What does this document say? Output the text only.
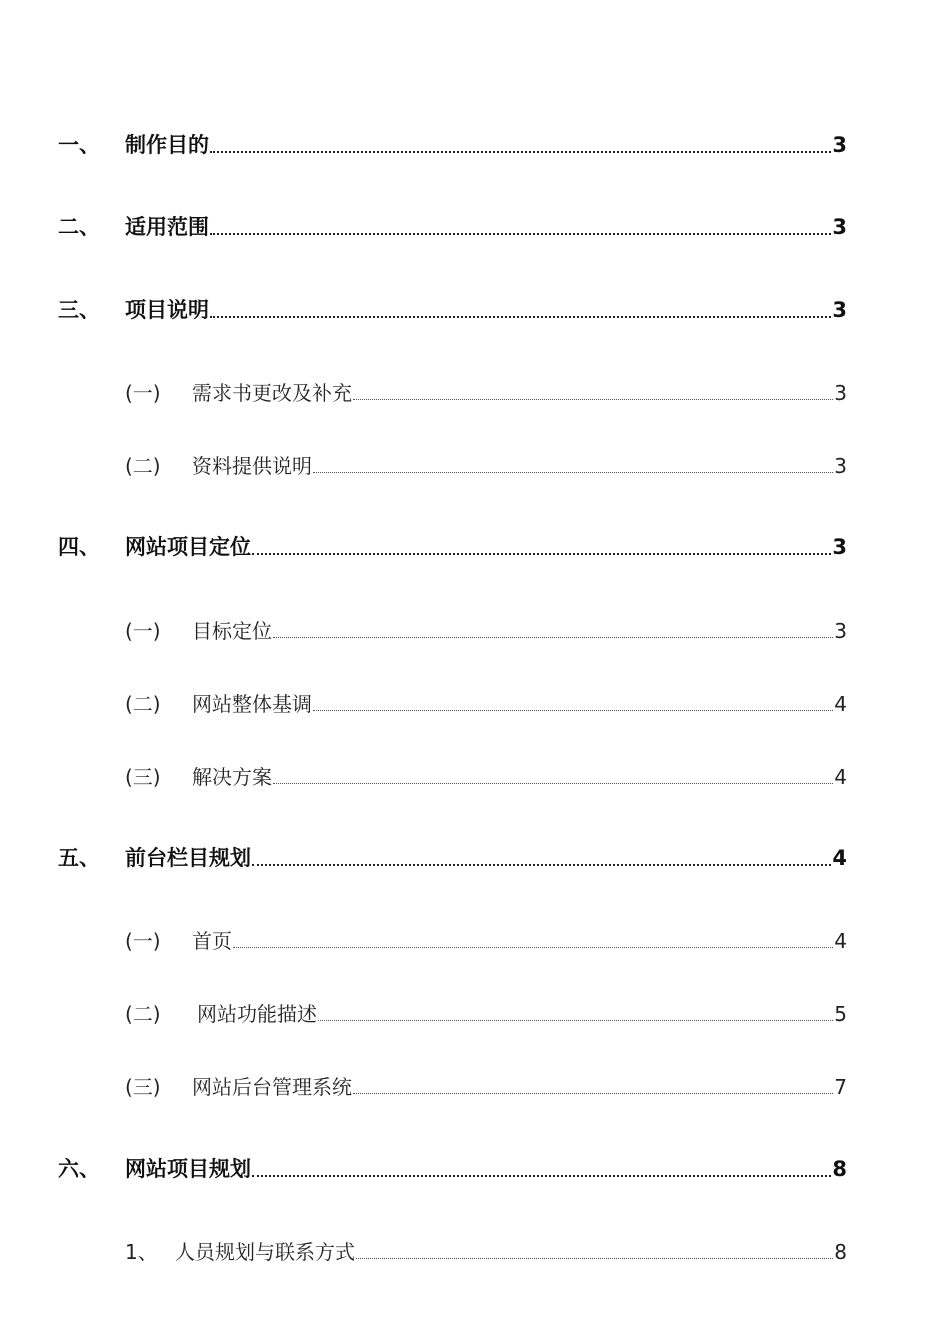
一、	制作目的	3
二、	适用范围	3
三、	项目说明	3
(一)	需求书更改及补充	3
(二)	资料提供说明	3
四、	网站项目定位	3
(一)	目标定位	3
(二)	网站整体基调	4
(三)	解决方案	4
五、	前台栏目规划	4
(一)	首页	4
(二)	网站功能描述	5
(三)	网站后台管理系统	7
六、	网站项目规划	8
1、 人员规划与联系方式	8
